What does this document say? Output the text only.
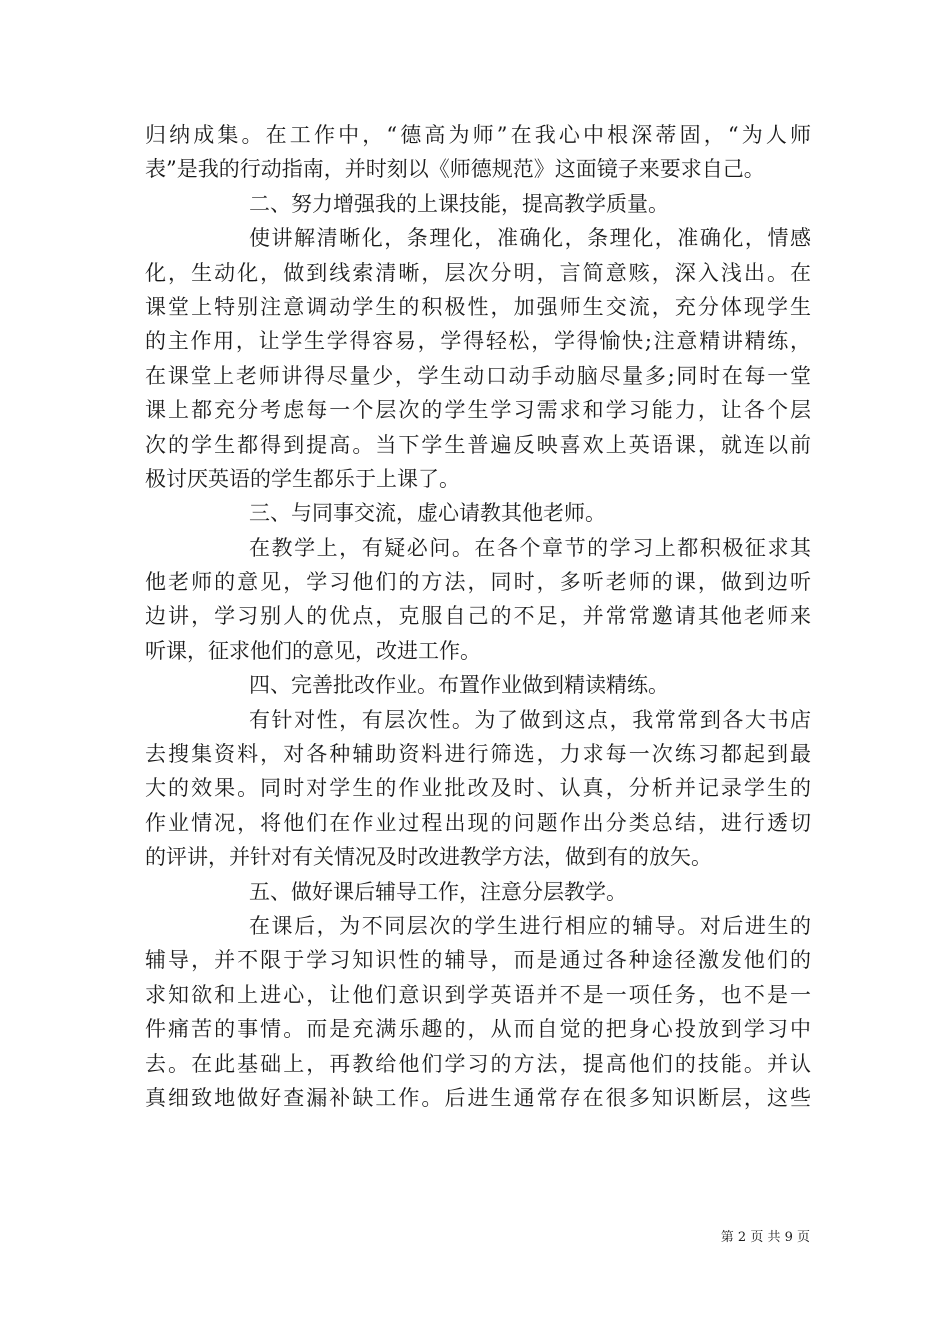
归纳成集。在工作中，“德高为师”在我心中根深蒂固，“为人师
表”是我的行动指南，并时刻以《师德规范》这面镜子来要求自己。
二、努力增强我的上课技能，提高教学质量。
使讲解清晰化，条理化，准确化，条理化，准确化，情感
化，生动化，做到线索清晰，层次分明，言简意赅，深入浅出。在
课堂上特别注意调动学生的积极性，加强师生交流，充分体现学生
的主作用，让学生学得容易，学得轻松，学得愉快;注意精讲精练，
在课堂上老师讲得尽量少，学生动口动手动脑尽量多;同时在每一堂
课上都充分考虑每一个层次的学生学习需求和学习能力，让各个层
次的学生都得到提高。当下学生普遍反映喜欢上英语课，就连以前
极讨厌英语的学生都乐于上课了。
三、与同事交流，虚心请教其他老师。
在教学上，有疑必问。在各个章节的学习上都积极征求其
他老师的意见，学习他们的方法，同时，多听老师的课，做到边听
边讲，学习别人的优点，克服自己的不足，并常常邀请其他老师来
听课，征求他们的意见，改进工作。
四、完善批改作业。布置作业做到精读精练。
有针对性，有层次性。为了做到这点，我常常到各大书店
去搜集资料，对各种辅助资料进行筛选，力求每一次练习都起到最
大的效果。同时对学生的作业批改及时、认真，分析并记录学生的
作业情况，将他们在作业过程出现的问题作出分类总结，进行透切
的评讲，并针对有关情况及时改进教学方法，做到有的放矢。
五、做好课后辅导工作，注意分层教学。
在课后，为不同层次的学生进行相应的辅导。对后进生的
辅导，并不限于学习知识性的辅导，而是通过各种途径激发他们的
求知欲和上进心，让他们意识到学英语并不是一项任务，也不是一
件痛苦的事情。而是充满乐趣的，从而自觉的把身心投放到学习中
去。在此基础上，再教给他们学习的方法，提高他们的技能。并认
真细致地做好查漏补缺工作。后进生通常存在很多知识断层，这些
第 2 页 共 9 页
